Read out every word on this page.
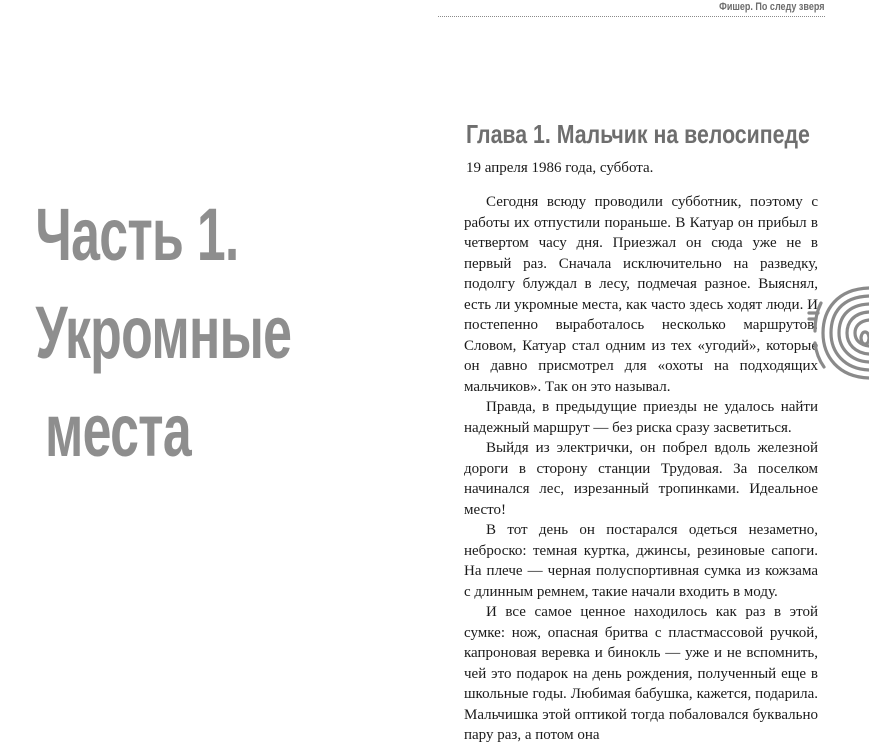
Часть 1.
Укромные
места
Фишер. По следу зверя
Глава 1. Мальчик на велосипеде

19 апреля 1986 года, суббота.

Сегодня всюду проводили субботник, поэтому с работы их отпустили пораньше. В Катуар он прибыл в четвертом часу дня. Приезжал он сюда уже не в первый раз. Сначала исключительно на разведку, подолгу блуждал в лесу, подмечая разное. Выяснял, есть ли укромные места, как часто здесь ходят люди. И постепенно выработалось несколько маршрутов. Словом, Катуар стал одним из тех «угодий», которые он давно присмотрел для «охоты на подходящих мальчиков». Так он это называл.

Правда, в предыдущие приезды не удалось найти надежный маршрут — без риска сразу засветиться.

Выйдя из электрички, он побрел вдоль железной дороги в сторону станции Трудовая. За поселком начинался лес, изрезанный тропинками. Идеальное место!

В тот день он постарался одеться незаметно, неброско: темная куртка, джинсы, резиновые сапоги. На плече — черная полуспортивная сумка из кожзама с длинным ремнем, такие начали входить в моду.

И все самое ценное находилось как раз в этой сумке: нож, опасная бритва с пластмассовой ручкой, капроновая веревка и бинокль — уже и не вспомнить, чей это подарок на день рождения, полученный еще в школьные годы. Любимая бабушка, кажется, подарила. Мальчишка этой оптикой тогда побаловался буквально пару раз, а потом она
